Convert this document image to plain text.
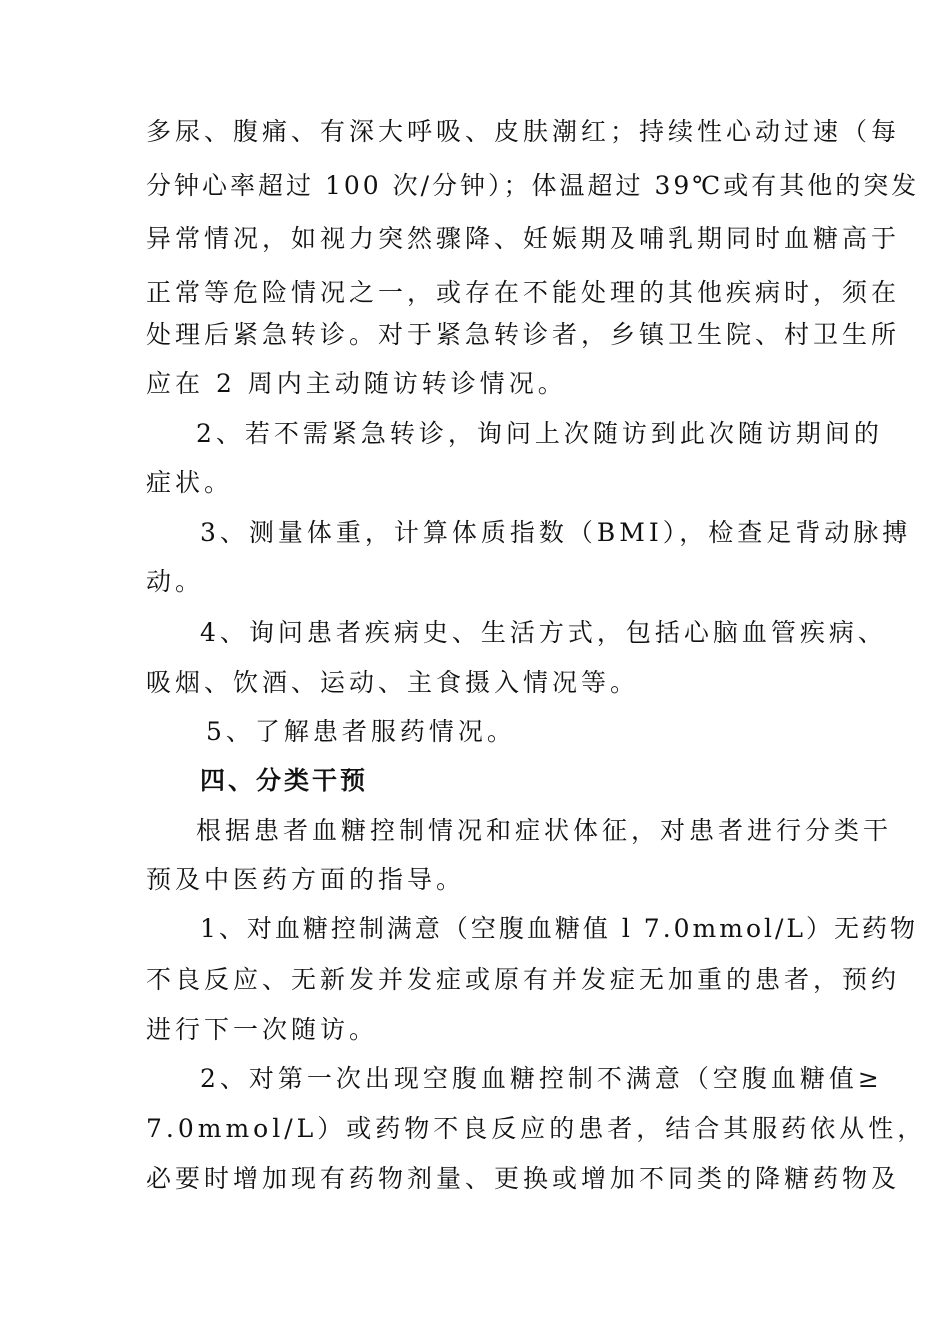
多尿、腹痛、有深大呼吸、皮肤潮红；持续性心动过速（每
分钟心率超过 100 次/分钟）；体温超过 39℃或有其他的突发
异常情况，如视力突然骤降、妊娠期及哺乳期同时血糖高于
正常等危险情况之一，或存在不能处理的其他疾病时，须在
处理后紧急转诊。对于紧急转诊者，乡镇卫生院、村卫生所
应在 2 周内主动随访转诊情况。
2、若不需紧急转诊，询问上次随访到此次随访期间的
症状。
3、测量体重，计算体质指数（BMI），检查足背动脉搏
动。
4、询问患者疾病史、生活方式，包括心脑血管疾病、
吸烟、饮酒、运动、主食摄入情况等。
5、了解患者服药情况。
四、分类干预
根据患者血糖控制情况和症状体征，对患者进行分类干
预及中医药方面的指导。
1、对血糖控制满意（空腹血糖值 l 7.0mmol/L）无药物
不良反应、无新发并发症或原有并发症无加重的患者，预约
进行下一次随访。
2、对第一次出现空腹血糖控制不满意（空腹血糖值≥
7.0mmol/L）或药物不良反应的患者，结合其服药依从性，
必要时增加现有药物剂量、更换或增加不同类的降糖药物及
